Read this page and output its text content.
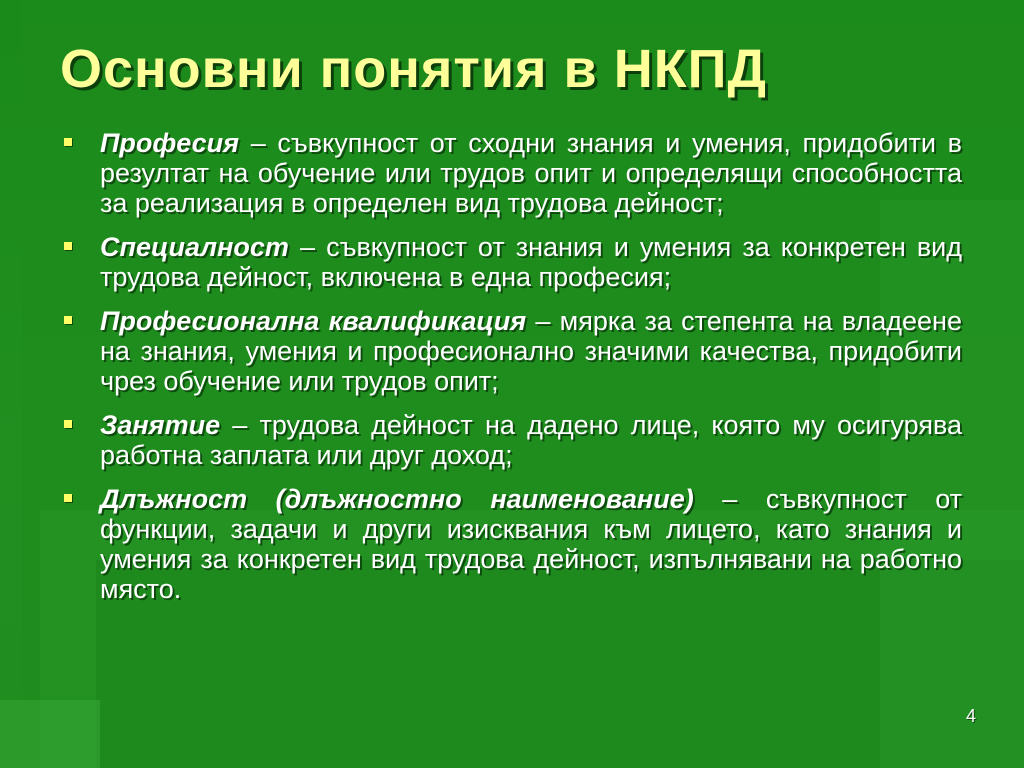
Основни понятия в НКПД
Професия – съвкупност от сходни знания и умения, придобити в резултат на обучение или трудов опит и определящи способността за реализация в определен вид трудова дейност;
Специалност – съвкупност от знания и умения за конкретен вид трудова дейност, включена в една професия;
Професионална квалификация – мярка за степента на владеене на знания, умения и професионално значими качества, придобити чрез обучение или трудов опит;
Занятие – трудова дейност на дадено лице, която му осигурява работна заплата или друг доход;
Длъжност (длъжностно наименование) – съвкупност от функции, задачи и други изисквания към лицето, като знания и умения за конкретен вид трудова дейност, изпълнявани на работно място.
4
